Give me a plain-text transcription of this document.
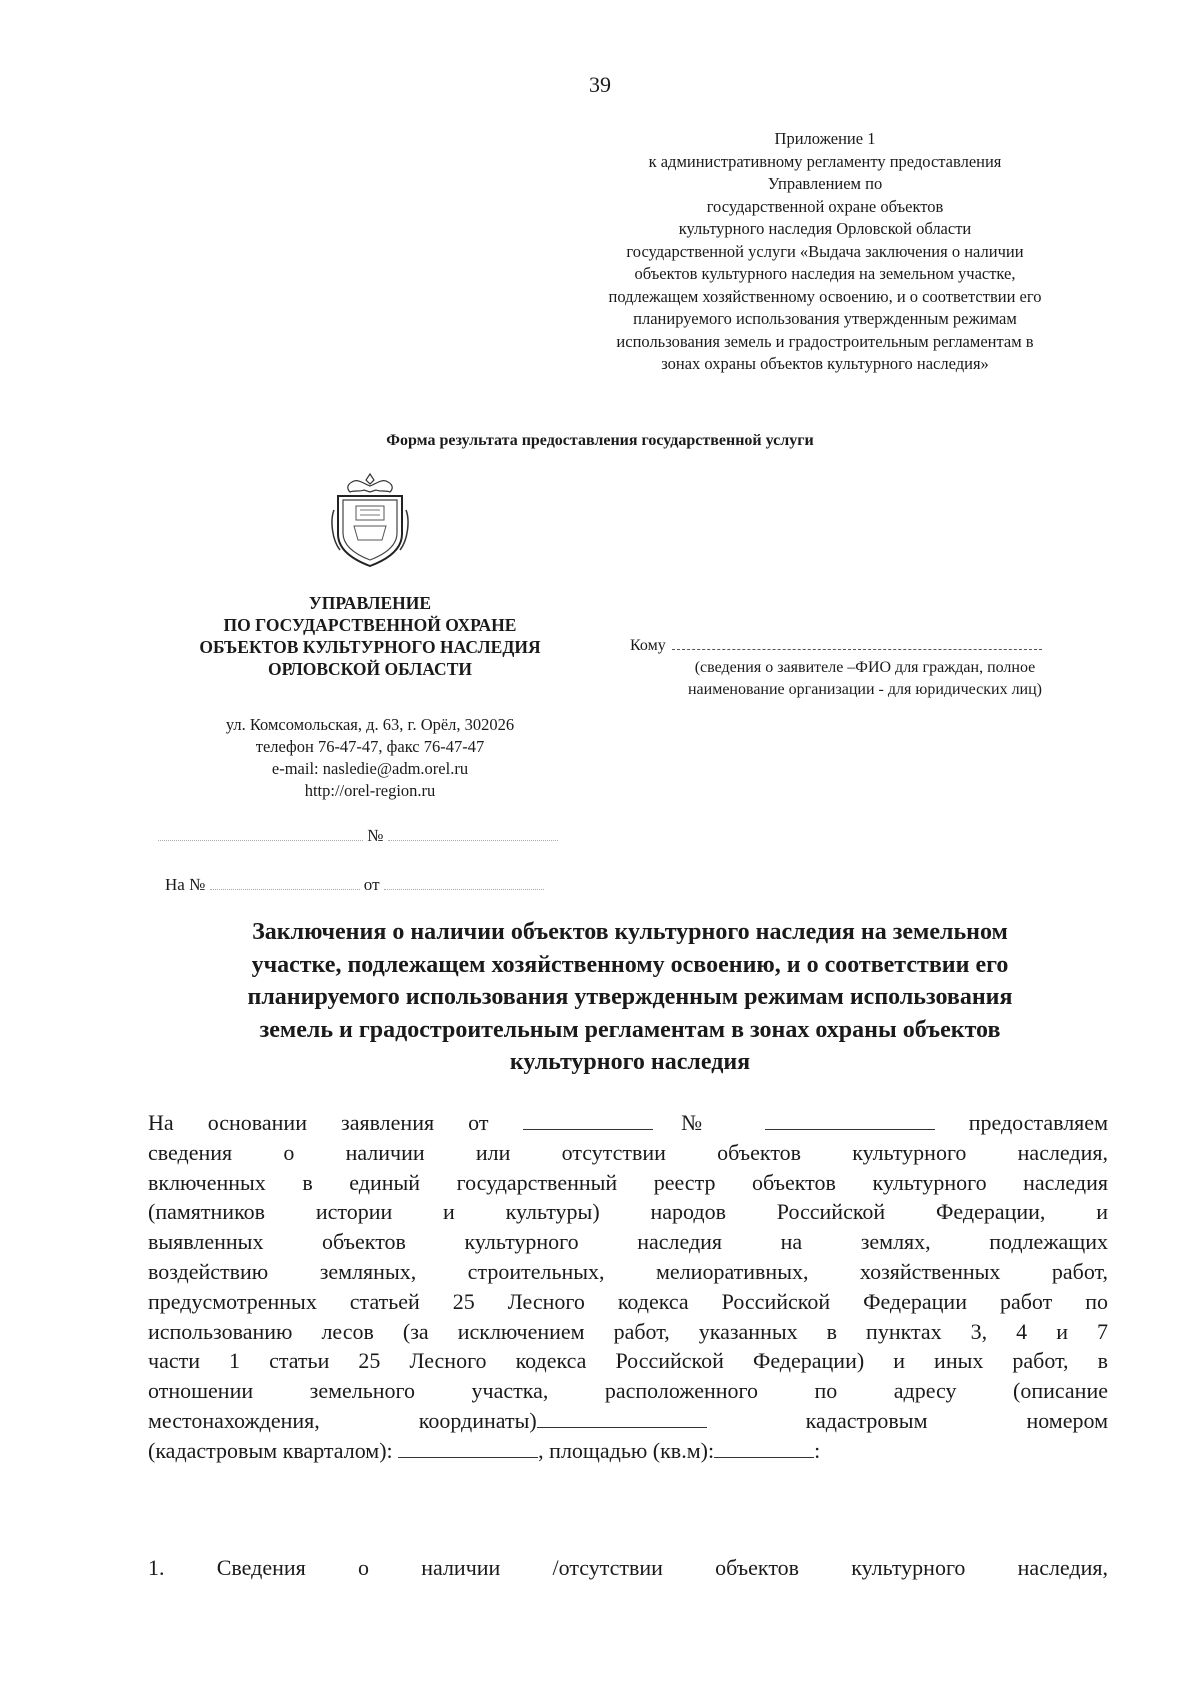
39
Приложение 1
к административному регламенту предоставления
Управлением по
государственной охране объектов
культурного наследия Орловской области
государственной услуги «Выдача заключения о наличии
объектов культурного наследия на земельном участке,
подлежащем хозяйственному освоению, и о соответствии его
планируемого использования утвержденным режимам
использования земель и градостроительным регламентам в
зонах охраны объектов культурного наследия»
Форма результата предоставления государственной услуги
УПРАВЛЕНИЕ
ПО ГОСУДАРСТВЕННОЙ ОХРАНЕ
ОБЪЕКТОВ КУЛЬТУРНОГО НАСЛЕДИЯ
ОРЛОВСКОЙ ОБЛАСТИ
ул. Комсомольская, д. 63, г. Орёл, 302026
телефон 76-47-47, факс 76-47-47
e-mail: nasledie@adm.orel.ru
http://orel-region.ru
Кому
(сведения о заявителе –ФИО для граждан, полное
наименование организации - для юридических лиц)
№
На №	от
Заключения о наличии объектов культурного наследия на земельном
участке, подлежащем хозяйственному освоению, и о соответствии его
планируемого использования утвержденным режимам использования
земель и градостроительным регламентам в зонах охраны объектов
культурного наследия
На основании заявления от	№	предоставляем
сведения о наличии или отсутствии объектов культурного наследия,
включенных в единый государственный реестр объектов культурного наследия
(памятников истории и культуры) народов Российской Федерации, и
выявленных объектов культурного наследия на землях, подлежащих
воздействию земляных, строительных, мелиоративных, хозяйственных работ,
предусмотренных статьей 25 Лесного кодекса Российской Федерации работ по
использованию лесов (за исключением работ, указанных в пунктах 3, 4 и 7
части 1 статьи 25 Лесного кодекса Российской Федерации) и иных работ, в
отношении земельного участка, расположенного по адресу (описание
местонахождения, координаты)	кадастровым номером
(кадастровым кварталом):	, площадью (кв.м):	:
1. Сведения о наличии /отсутствии объектов культурного наследия,
